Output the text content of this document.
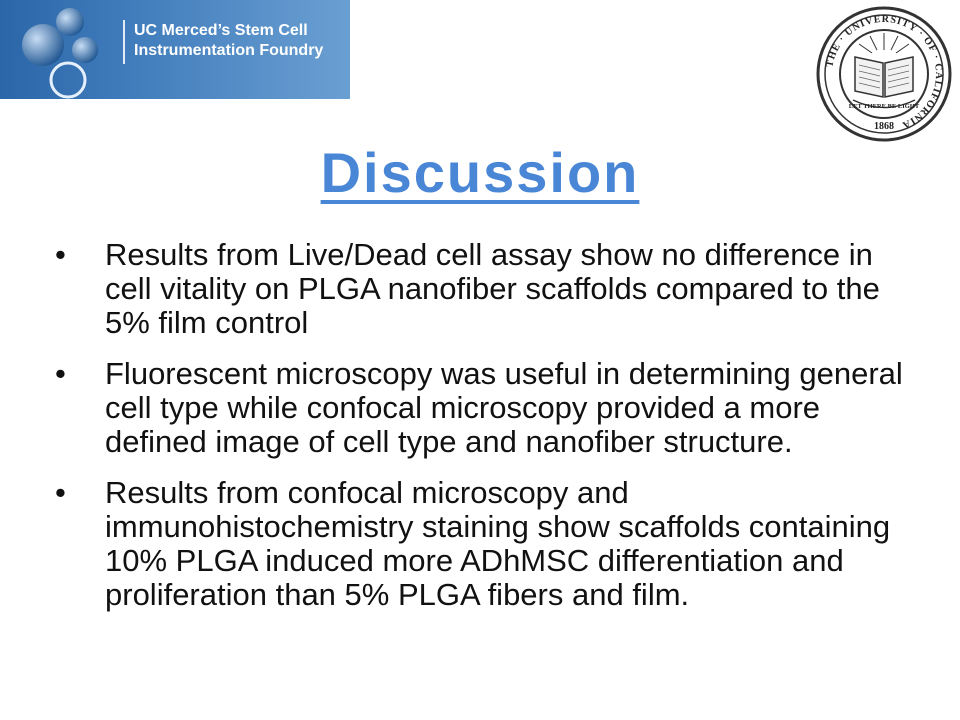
UC Merced’s Stem Cell
Instrumentation Foundry
THE · UNIVERSITY · OF · CALIFORNIA
LET THERE BE LIGHT
1868
Discussion
•	Results from Live/Dead cell assay show no difference in cell vitality on PLGA nanofiber scaffolds compared to the 5% film control
•	Fluorescent microscopy was useful in determining general cell type while confocal microscopy provided a more defined image of cell type and nanofiber structure.
•	Results from confocal microscopy and immunohistochemistry staining show scaffolds containing 10% PLGA induced more ADhMSC differentiation and proliferation than 5% PLGA fibers and film.
